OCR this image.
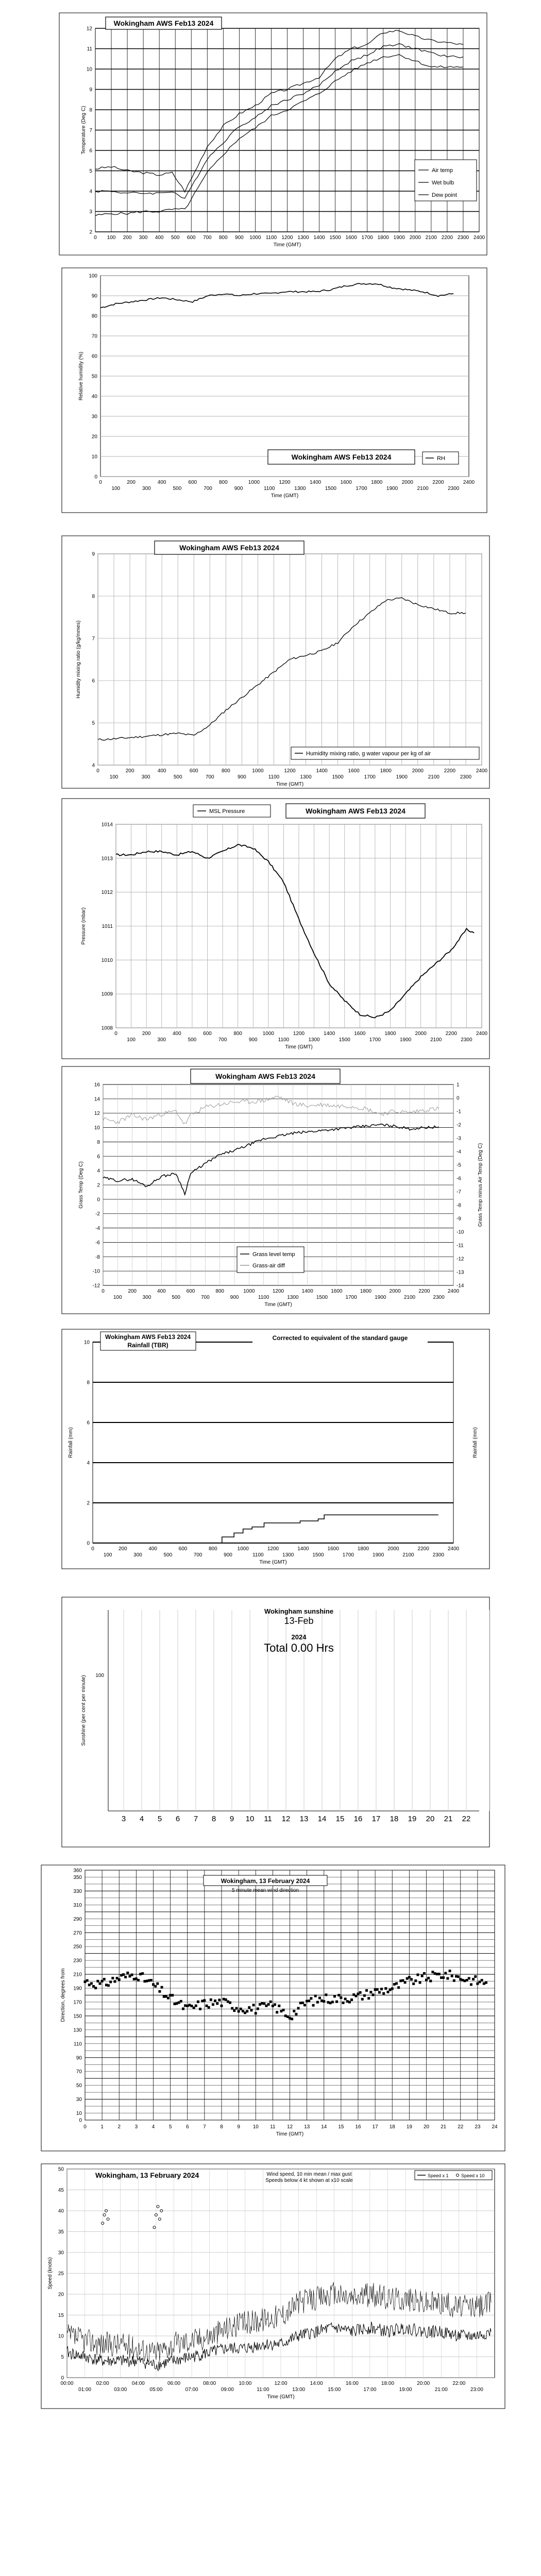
2
3
4
5
6
7
8
9
10
11
12
0 100 200 300 400 500 600 700 800 900 1000 1100 1200 1300 1400 1500 1600 1700 1800 1900 2000 2100 2200 2300 2400
Time (GMT)
Temperature (Deg C)
Wokingham AWS Feb13 2024
Air temp
Wet bulb
Dew point
0
10
20
30
40
50
60
70
80
90
100
0	200	400	600	800	1000	1200	1400	1600	1800	2000	2200	2400
100	300	500	700	900	1100	1300	1500	1700	1900	2100	2300
Time (GMT)
Relative humidity (%)
Wokingham AWS Feb13 2024	RH
4
5
6
7
8
9
0	200	400	600	800	1000	1200	1400	1600	1800	2000	2200	2400
100	300	500	700	900	1100	1300	1500	1700	1900	2100	2300
Time (GMT)
Humidity mixing ratio (g/kg/mmes)
Wokingham AWS Feb13 2024
Humidity mixing ratio, g water vapour per kg of air
1008
1009
1010
1011
1012
1013
1014
0	200	400	600	800	1000	1200	1400	1600	1800	2000	2200	2400
100	300	500	700	900	1100	1300	1500	1700	1900	2100	2300
Time (GMT)
Pressure (mbar)
MSL Pressure	Wokingham AWS Feb13 2024
-12
-10
-8
-6
-4
-2
0
2
4
6
8
10
12
14
16
-14
-13
-12
-11
-10
-9
-8
-7
-6
-5
-4
-3
-2
-1
0
1
0	200	400	600	800	1000	1200	1400	1600	1800	2000	2200	2400
100	300	500	700	900	1100	1300	1500	1700	1900	2100	2300
Time (GMT)
Grass Temp (Deg C)	Grass Temp minus Air Temp (Deg C)
Wokingham AWS Feb13 2024
Grass level temp
Grass-air diff
0
2
4
6
8
10
0	200	400	600	800	1000	1200	1400	1600	1800	2000	2200	2400
100	300	500	700	900	1100	1300	1500	1700	1900	2100	2300
Time (GMT)
Rainfall (mm)	Rainfall (mm)
Wokingham AWS Feb13 2024
Rainfall (TBR)
Corrected to equivalent of the standard gauge
3 4 5 6 7 8 9 10 11 12 13 14 15 16 17 18 19 20 21 22
100
Sunshine (per cent per minute)
Wokingham sunshine
13-Feb
2024
Total 0.00 Hrs
0
10
30
50
70
90
110
130
150
170
190
210
230
250
270
290
310
330
350
360
0	1	2	3	4	5	6	7	8	9 10 11 12 13 14 15 16 17 18 19 20 21 22 23 24
Time (GMT)
Direction, degrees from
Wokingham, 13 February 2024
5 minute mean wind direction
0
5
10
15
20
25
30
35
40
45
50
00:00	02:00	04:00	06:00	08:00	10:00	12:00	14:00	16:00	18:00	20:00	22:00
01:00	03:00	05:00	07:00	09:00	11:00	13:00	15:00	17:00	19:00	21:00	23:00
Time (GMT)
Speed (knots)
Wokingham, 13 February 2024	Wind speed, 10 min mean / max gust
Speeds below 4 kt shown at x10 scale
Speed x 1	Speed x 10
